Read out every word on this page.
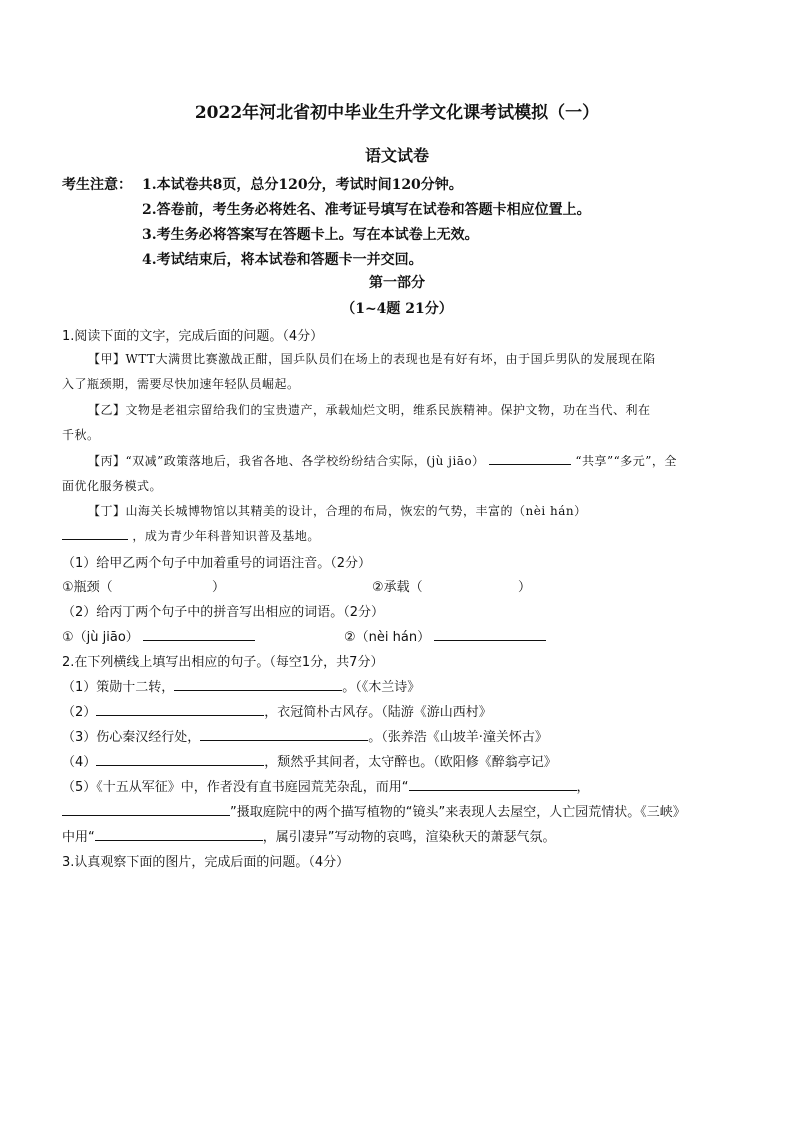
2022年河北省初中毕业生升学文化课考试模拟（一）
语文试卷
考生注意： 1.本试卷共8页，总分120分，考试时间120分钟。
2.答卷前，考生务必将姓名、准考证号填写在试卷和答题卡相应位置上。
3.考生务必将答案写在答题卡上。写在本试卷上无效。
4.考试结束后，将本试卷和答题卡一并交回。
第一部分
（1~4题 21分）
1.阅读下面的文字，完成后面的问题。（4分）
【甲】WTT大满贯比赛激战正酣，国乒队员们在场上的表现也是有好有坏，由于国乒男队的发展现在陷
入了瓶颈期，需要尽快加速年轻队员崛起。
【乙】文物是老祖宗留给我们的宝贵遗产，承载灿烂文明，维系民族精神。保护文物，功在当代、利在
千秋。
【丙】“双减”政策落地后，我省各地、各学校纷纷结合实际，(jù jiāo）	“共享”“多元”，全
面优化服务模式。
【丁】山海关长城博物馆以其精美的设计，合理的布局，恢宏的气势，丰富的（nèi hán）
，成为青少年科普知识普及基地。
（1）给甲乙两个句子中加着重号的词语注音。（2分）
①瓶颈（	）	②承载（	）
（2）给丙丁两个句子中的拼音写出相应的词语。（2分）
①（jù jiāo）	②（nèi hán）
2.在下列横线上填写出相应的句子。（每空1分，共7分）
（1）策勋十二转，	。（《木兰诗》
（2）	，衣冠简朴古风存。（陆游《游山西村》
（3）伤心秦汉经行处，	。（张养浩《山坡羊·潼关怀古》
（4）	，颓然乎其间者，太守醉也。（欧阳修《醉翁亭记》
（5）《十五从军征》中，作者没有直书庭园荒芜杂乱，而用“	，
”摄取庭院中的两个描写植物的“镜头”来表现人去屋空，人亡园荒情状。《三峡》
中用“	，属引凄异”写动物的哀鸣，渲染秋天的萧瑟气氛。
3.认真观察下面的图片，完成后面的问题。（4分）
